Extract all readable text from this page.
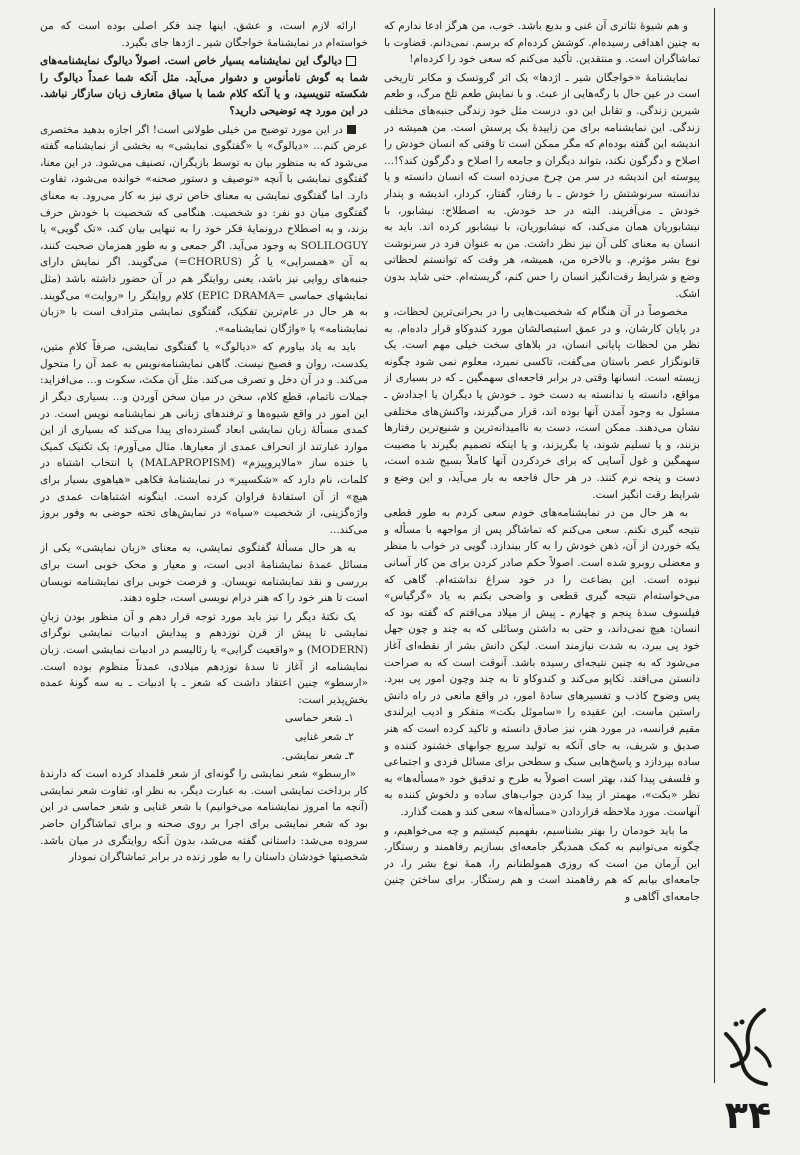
و هم شیوهٔ تئاتری آن غنی و بدیع باشد. خوب، من هرگز ادعا ندارم که به چنین اهدافی رسیده‌ام. کوشش کرده‌ام که برسم. نمی‌دانم. قضاوت با تماشاگران است. و منتقدین. تأکید می‌کنم که سعی خود را کرده‌ام!

نمایشنامهٔ «خواجگان شیر ـ اژدها» یک اثر گروتسک و مکابر تاریخی است در عین حال با رگه‌هایی از عبث. و با نمایش طعم تلخ مرگ، و طعم شیرین زندگی. و تقابل این دو. درست مثل خود زندگی جنبه‌های مختلف زندگی. این نمایشنامه برای من زاییدهٔ یک پرسش است. من همیشه در اندیشه این گفته بوده‌ام که مگر ممکن است تا وقتی که انسان خودش را اصلاح و دگرگون نکند، بتواند دیگران و جامعه را اصلاح و دگرگون کند؟!... پیوسته این اندیشه در سر من چرخ می‌زده است که انسان دانسته و یا ندانسته سرنوشتش را خودش ـ با رفتار، گفتار، کردار، اندیشه و پندار خودش ـ می‌آفریند. البته در حد خودش. به اصطلاح: نیشابور، با نیشابوریان همان می‌کند، که نیشابوریان، با نیشابور کرده اند. باید به انسان به معنای کلی آن نیز نظر داشت. من به عنوان فرد در سرنوشت نوع بشر مؤثرم. و بالاخره من، همیشه، هر وقت که توانستم لحظاتی وضع و شرایط رقت‌انگیز انسان را حس کنم، گریسته‌ام. حتی شاید بدون اشک.

مخصوصاً در آن هنگام که شخصیت‌هایی را در بحرانی‌ترین لحظات، و در پایان کارشان، و در عمق استیصالشان مورد کندوکاو قرار داده‌ام. به نظر من لحظات پایانی انسان، در بلاهای سخت خیلی مهم است. یک قانونگزار عصر باستان می‌گفت، تاکسی نمیرد، معلوم نمی شود چگونه زیسته است. انسانها وقتی در برابر فاجعه‌ای سهمگین ـ که در بسیاری از مواقع، دانسته یا ندانسته به دست خود ـ خودش یا دیگران یا اجدادش ـ مسئول به وجود آمدن آنها بوده اند، قرار می‌گیرند، واکنش‌های مختلفی نشان می‌دهند. ممکن است، دست به ناامیدانه‌ترین و شنیع‌ترین رفتارها بزنند، و یا تسلیم شوند، یا بگریزند، و یا اینکه تصمیم بگیرند با مصیبت سهمگین و غول آسایی که برای خردکردن آنها کاملاً بسیج شده است، دست و پنجه نرم کنند. در هر حال فاجعه به بار می‌آید، و این وضع و شرایط رقت انگیز است.

به هر حال من در نمایشنامه‌های خودم سعی کردم به طور قطعی نتیجه گیری نکنم. سعی می‌کنم که تماشاگر پس از مواجهه با مسأله و یکه خوردن از آن، ذهن خودش را به کار بیندازد. گویی در خواب با منظر و معضلی روبرو شده است. اصولاً حکم صادر کردن برای من کار آسانی نبوده است. این بضاعت را در خود سراغ نداشته‌ام. گاهی که می‌خواسته‌ام نتیجه گیری قطعی و واضحی بکنم به یاد «گرگیاس» فیلسوف سدهٔ پنجم و چهارم ـ پیش از میلاد می‌افتم که گفته بود که انسان: هیچ نمی‌داند، و حتی به داشتن وسائلی که به چند و چون جهل خود پی ببرد، به شدت نیازمند است. لیکن دانش بشر از نقطه‌ای آغاز می‌شود که به چنین نتیجه‌ای رسیده باشد. آنوقت است که به صراحت دانستن می‌افتد. تکاپو می‌کند و کندوکاو تا به چند وچون امور پی ببرد. پس وضوح کاذب و تفسیرهای سادهٔ امور، در واقع مانعی در راه دانش راستین ماست. این عقیده را «ساموئل بکت» متفکر و ادیب ایرلندی مقیم فرانسه، در مورد هنر، نیز صادق دانسته و تاکید کرده است که هنر صدیق و شریف، به جای آنکه به تولید سریع جوابهای خشنود کننده و ساده بپردازد و پاسخ‌هایی سبک و سطحی برای مسائل فردی و اجتماعی و فلسفی پیدا کند، بهتر است اصولاً به طرح و تدقیق خود «مسأله‌ها» به نظر «بکت»، مهمتر از پیدا کردن جواب‌های ساده و دلخوش کننده به آنهاست. مورد ملاحظه قراردادن «مسأله‌ها» سعی کند و همت گذارد.

ما باید خودمان را بهتر بشناسیم، بفهمیم کیستیم و چه می‌خواهیم، و چگونه می‌توانیم به کمک همدیگر جامعه‌ای بسازیم رفاهمند و رستگار. این آرمان من است که روزی همولطنانم را، همهٔ نوع بشر را، در جامعه‌ای بیابم که هم رفاهمند است و هم رستگار. برای ساختن چنین جامعه‌ای آگاهی و

ارائه لازم است، و عشق. اینها چند فکر اصلی بوده است که من خواسته‌ام در نمایشنامهٔ خواجگان شیر ـ اژدها جای بگیرد.

دیالوگ این نمایشنامه بسیار خاص است. اصولاً دیالوگ نمایشنامه‌های شما به گوش نامأنوس و دشوار می‌آید. مثل آنکه شما عمداً دیالوگ را شکسته تنویسید، و یا آنکه کلام شما با سیاق متعارف زبان سازگار نباشد. در این مورد چه توضیحی دارید؟

در این مورد توضیح من خیلی طولانی است! اگر اجازه بدهید مختصری عرض کنم... «دیالوگ» یا «گفتگوی نمایشی» به بخشی از نمایشنامه گفته می‌شود که به منظور بیان به توسط بازیگران، تصنیف می‌شود. در این معنا، گفتگوی نمایشی با آنچه «توصیف و دستور صحنه» خوانده می‌شود، تفاوت دارد. اما گفتگوی نمایشی به معنای خاص تری نیز به کار می‌رود. به معنای گفتگوی میان دو نفر: دو شخصیت. هنگامی که شخصیت با خودش حرف بزند، و به اصطلاح درونمایهٔ فکر خود را به تنهایی بیان کند، «تک گویی» یا SOLILOGUY به وجود می‌آید. اگر جمعی و به طور همزمان صحبت کنند، به آن «همسرایی» یا کُر (CHORUS=) می‌گویند. اگر نمایش دارای جنبه‌های روایی نیز باشد، یعنی روایتگر هم در آن حضور داشته باشد (مثل نمایشهای حماسی =EPIC DRAMA) کلام روایتگر را «روایت» می‌گویند. به هر حال در عام‌ترین تفکیک، گفتگوی نمایشی مترادف است با «زبان نمایشنامه» یا «واژگان نمایشنامه».

باید به یاد بیاورم که «دیالوگ» یا گفتگوی نمایشی، صرفاً کلامِ متین، یکدست، روان و فصیح نیست. گاهی نمایشنامه‌نویس به عمد آن را متحول می‌کند. و در آن دخل و تصرف می‌کند. مثل آن مکث، سکوت و... می‌افزاید: جملات ناتمام، قطع کلام، سخن در میان سخن آوردن و... بسیاری دیگر از این امور در واقع شیوه‌ها و ترفندهای زبانی هر نمایشنامه نویس است. در کمدی مسألهٔ زبان نمایشی ابعاد گسترده‌ای پیدا می‌کند که بسیاری از این موارد عبارتند از انحراف عمدی از معیارها. مثال می‌آورم: یک تکنیک کمیک یا خنده ساز «مالاپروپیزم» (MALAPROPISM) یا انتخاب اشتباه در کلمات، نام دارد که «شکسپیر» در نمایشنامهٔ فکاهی «هیاهوی بسیار برای هیچ» از آن استفادهٔ فراوان کرده است. اینگونه اشتباهات عمدی در واژه‌گزینی، از شخصیت «سیاه» در نمایش‌های تخته حوضی به وفور بروز می‌کند...

به هر حال مسألهٔ گفتگوی نمایشی، به معنای «زبان نمایشی» یکی از مسائل عمدهٔ نمایشنامهٔ ادبی است، و معیار و محک خوبی است برای بررسی و نقد نمایشنامه نویسان. و فرصت خوبی برای نمایشنامه نویسان است تا هنر خود را که هنر درام نویسی است، جلوه دهند.

یک نکتهٔ دیگر را نیز باید مورد توجه قرار دهم و آن منظور بودن زبانِ نمایشی تا پیش از قرن نوزدهم و پیدایش ادبیات نمایشی نوگرای (MODERN) و «واقعیت گرایی» یا رئالیسم در ادبیات نمایشی است. زبان نمایشنامه از آغاز تا سدهٔ نوزدهم میلادی، عمدتاً منظوم بوده است. «ارسطو» چنین اعتقاد داشت که شعر ـ یا ادبیات ـ به سه گونهٔ عمده بخش‌پذیر است:

۱ـ شعر حماسی

۲ـ شعر غنایی

۳ـ شعر نمایشی.

«ارسطو» شعر نمایشی را گونه‌ای از شعر قلمداد کرده است که دارندهٔ کار برداخت نمایشی است. به عبارت دیگر، به نظر او، تفاوت شعر نمایشی (آنچه ما امروز نمایشنامه می‌خوانیم) با شعر غنایی و شعر حماسی در این بود که شعر نمایشی برای اجرا بر روی صحنه و برای تماشاگران حاضر سروده می‌شد: داستانی گفته می‌شد، بدون آنکه روایتگری در میان باشد. شخصیتها خودشان داستان را به طور زنده در برابر تماشاگران نمودار

۳۴
